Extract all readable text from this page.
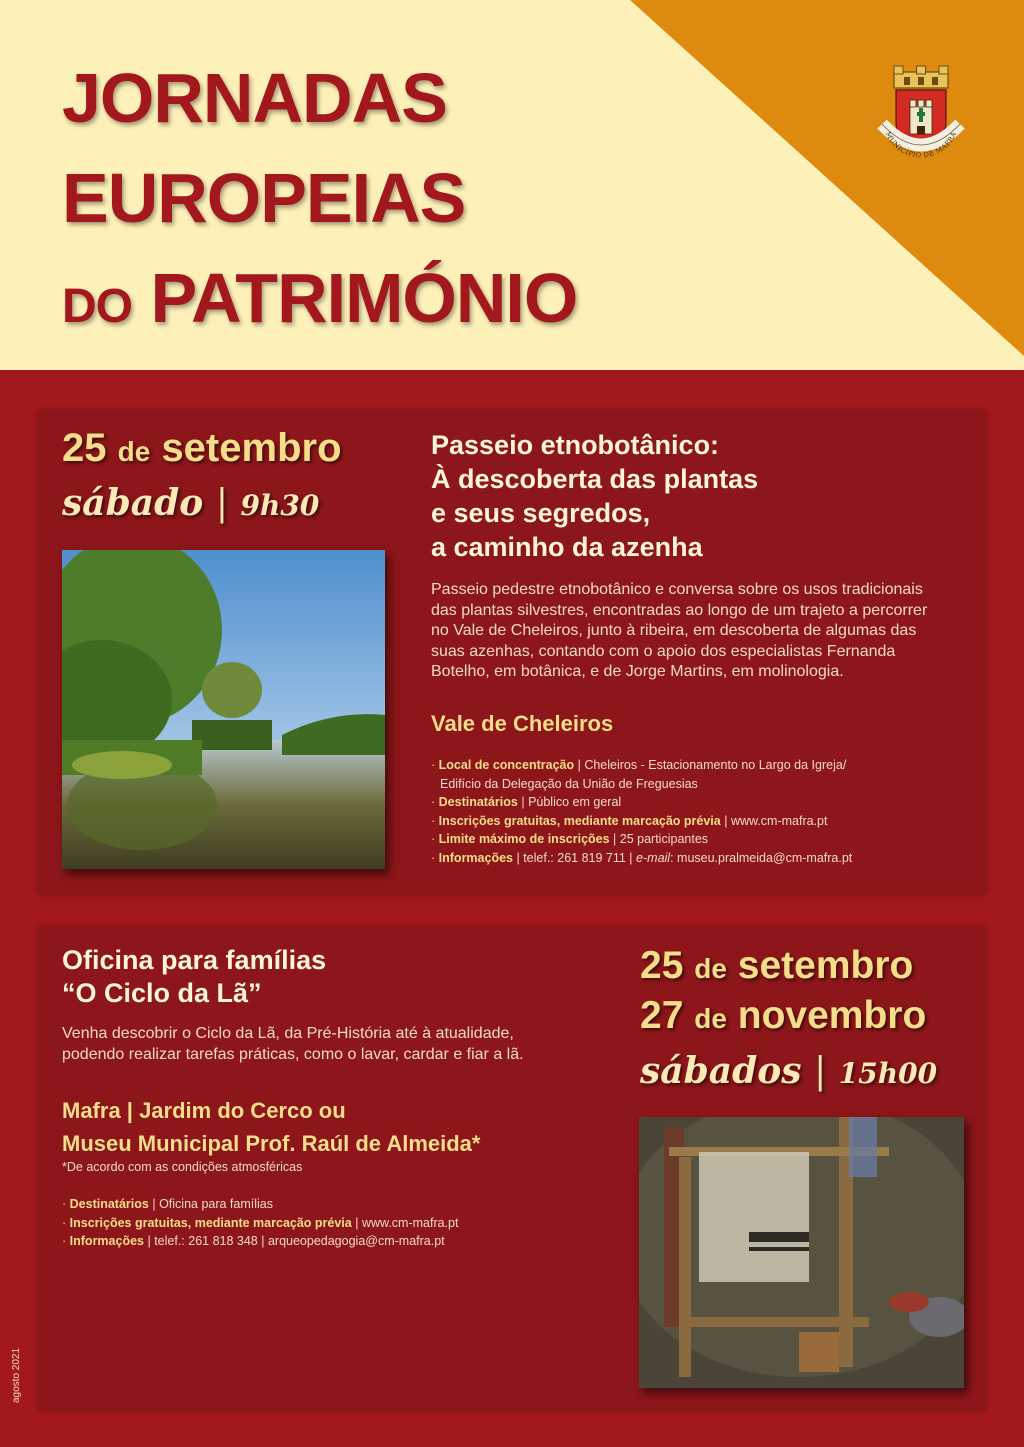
JORNADAS
EUROPEIAS
DO PATRIMÓNIO
MUNICÍPIO DE MAFRA
25 de setembro
sábado | 9h30
Passeio etnobotânico:
À descoberta das plantas
e seus segredos,
a caminho da azenha
Passeio pedestre etnobotânico e conversa sobre os usos tradicionais
das plantas silvestres, encontradas ao longo de um trajeto a percorrer
no Vale de Cheleiros, junto à ribeira, em descoberta de algumas das
suas azenhas, contando com o apoio dos especialistas Fernanda
Botelho, em botânica, e de Jorge Martins, em molinologia.
Vale de Cheleiros
· Local de concentração | Cheleiros - Estacionamento no Largo da Igreja/
Edifício da Delegação da União de Freguesias
· Destinatários | Público em geral
· Inscrições gratuitas, mediante marcação prévia | www.cm-mafra.pt
· Limite máximo de inscrições | 25 participantes
· Informações | telef.: 261 819 711 | e-mail: museu.pralmeida@cm-mafra.pt
Oficina para famílias
“O Ciclo da Lã”
Venha descobrir o Ciclo da Lã, da Pré-História até à atualidade,
podendo realizar tarefas práticas, como o lavar, cardar e fiar a lã.
Mafra | Jardim do Cerco ou
Museu Municipal Prof. Raúl de Almeida*
*De acordo com as condições atmosféricas
· Destinatários | Oficina para famílias
· Inscrições gratuitas, mediante marcação prévia | www.cm-mafra.pt
· Informações | telef.: 261 818 348 | arqueopedagogia@cm-mafra.pt
25 de setembro
27 de novembro
sábados | 15h00
agosto 2021
